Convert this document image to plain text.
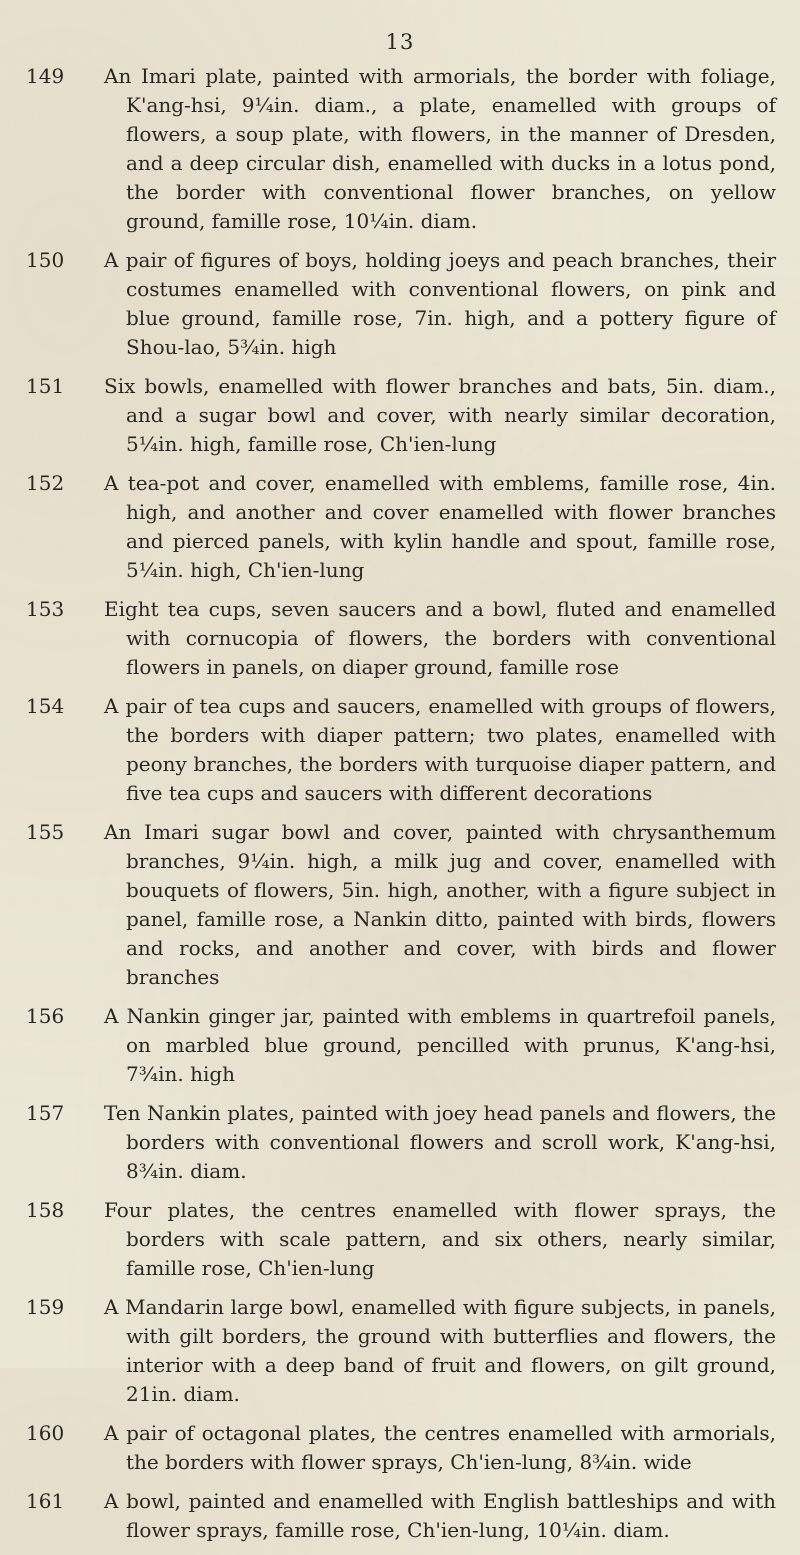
13
149	An Imari plate, painted with armorials, the border with foliage, K'ang-hsi, 9¼in. diam., a plate, enamelled with groups of flowers, a soup plate, with flowers, in the manner of Dresden, and a deep circular dish, enamelled with ducks in a lotus pond, the border with conventional flower branches, on yellow ground, famille rose, 10¼in. diam.
150	A pair of figures of boys, holding joeys and peach branches, their costumes enamelled with conventional flowers, on pink and blue ground, famille rose, 7in. high, and a pottery figure of Shou-lao, 5¾in. high
151	Six bowls, enamelled with flower branches and bats, 5in. diam., and a sugar bowl and cover, with nearly similar decoration, 5¼in. high, famille rose, Ch'ien-lung
152	A tea-pot and cover, enamelled with emblems, famille rose, 4in. high, and another and cover enamelled with flower branches and pierced panels, with kylin handle and spout, famille rose, 5¼in. high, Ch'ien-lung
153	Eight tea cups, seven saucers and a bowl, fluted and enamelled with cornucopia of flowers, the borders with conventional flowers in panels, on diaper ground, famille rose
154	A pair of tea cups and saucers, enamelled with groups of flowers, the borders with diaper pattern; two plates, enamelled with peony branches, the borders with turquoise diaper pattern, and five tea cups and saucers with different decorations
155	An Imari sugar bowl and cover, painted with chrysanthemum branches, 9¼in. high, a milk jug and cover, enamelled with bouquets of flowers, 5in. high, another, with a figure subject in panel, famille rose, a Nankin ditto, painted with birds, flowers and rocks, and another and cover, with birds and flower branches
156	A Nankin ginger jar, painted with emblems in quartrefoil panels, on marbled blue ground, pencilled with prunus, K'ang-hsi, 7¾in. high
157	Ten Nankin plates, painted with joey head panels and flowers, the borders with conventional flowers and scroll work, K'ang-hsi, 8¾in. diam.
158	Four plates, the centres enamelled with flower sprays, the borders with scale pattern, and six others, nearly similar, famille rose, Ch'ien-lung
159	A Mandarin large bowl, enamelled with figure subjects, in panels, with gilt borders, the ground with butterflies and flowers, the interior with a deep band of fruit and flowers, on gilt ground, 21in. diam.
160	A pair of octagonal plates, the centres enamelled with armorials, the borders with flower sprays, Ch'ien-lung, 8¾in. wide
161	A bowl, painted and enamelled with English battleships and with flower sprays, famille rose, Ch'ien-lung, 10¼in. diam.
